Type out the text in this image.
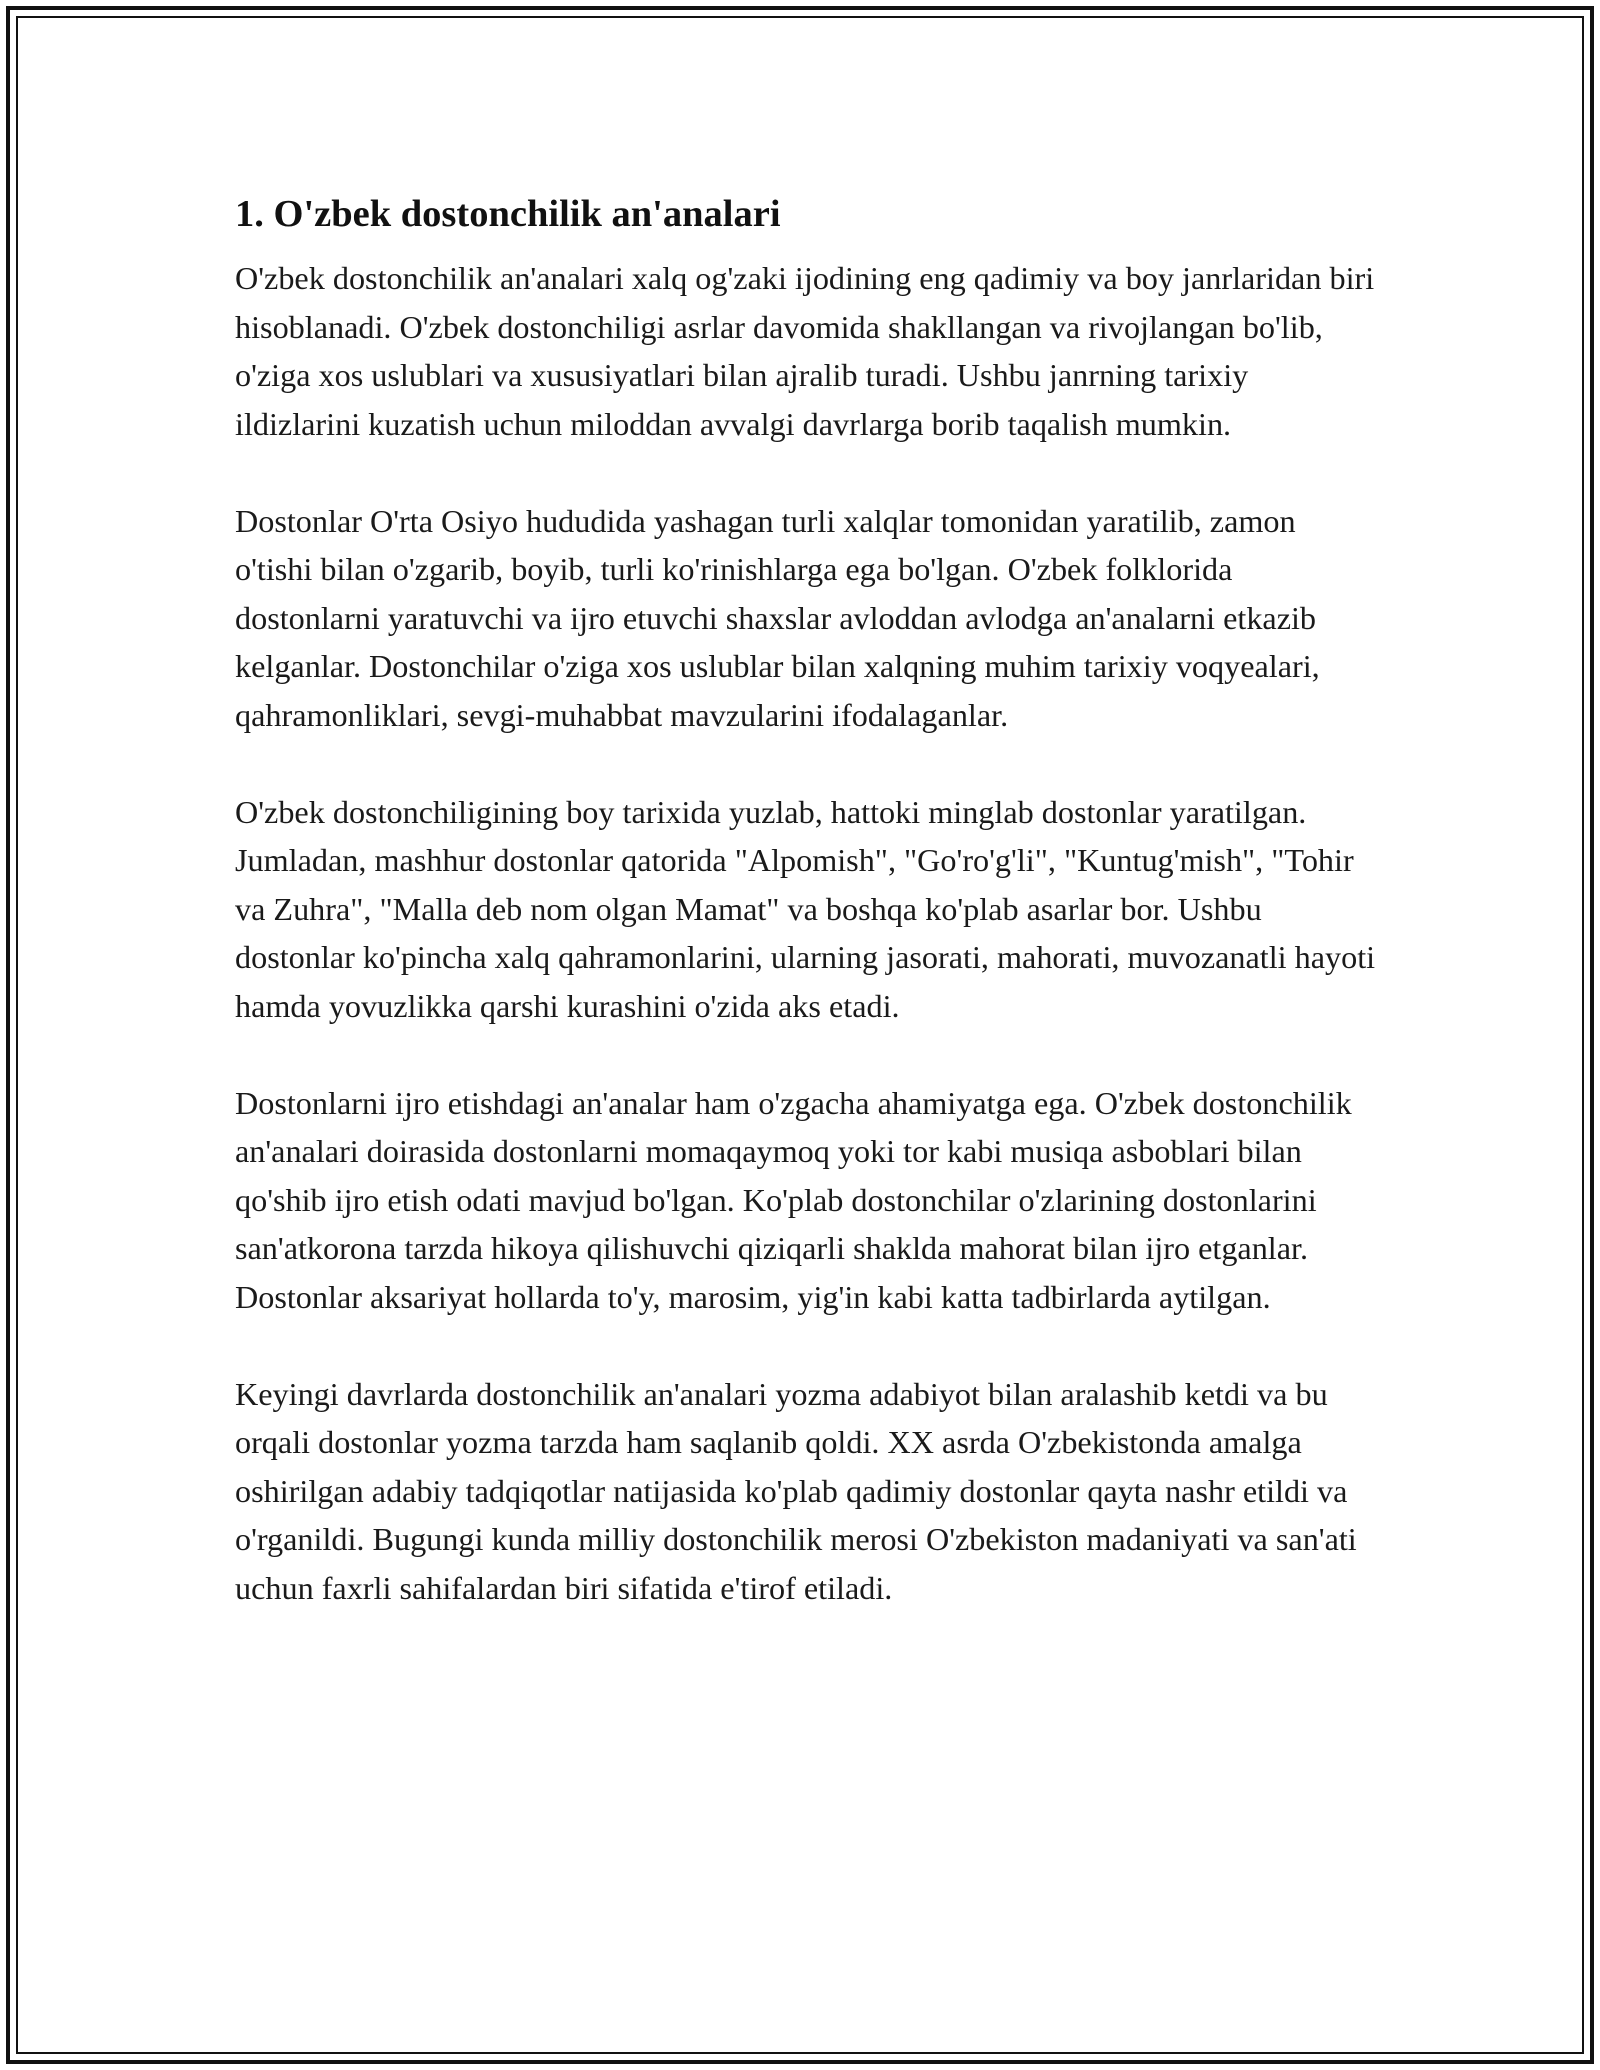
1. O'zbek dostonchilik an'analari

O'zbek dostonchilik an'analari xalq og'zaki ijodining eng qadimiy va boy janrlaridan biri hisoblanadi. O'zbek dostonchiligi asrlar davomida shakllangan va rivojlangan bo'lib, o'ziga xos uslublari va xususiyatlari bilan ajralib turadi. Ushbu janrning tarixiy ildizlarini kuzatish uchun miloddan avvalgi davrlarga borib taqalish mumkin.

Dostonlar O'rta Osiyo hududida yashagan turli xalqlar tomonidan yaratilib, zamon o'tishi bilan o'zgarib, boyib, turli ko'rinishlarga ega bo'lgan. O'zbek folklorida dostonlarni yaratuvchi va ijro etuvchi shaxslar avloddan avlodga an'analarni etkazib kelganlar. Dostonchilar o'ziga xos uslublar bilan xalqning muhim tarixiy voqyealari, qahramonliklari, sevgi-muhabbat mavzularini ifodalaganlar.

O'zbek dostonchiligining boy tarixida yuzlab, hattoki minglab dostonlar yaratilgan. Jumladan, mashhur dostonlar qatorida "Alpomish", "Go'ro'g'li", "Kuntug'mish", "Tohir va Zuhra", "Malla deb nom olgan Mamat" va boshqa ko'plab asarlar bor. Ushbu dostonlar ko'pincha xalq qahramonlarini, ularning jasorati, mahorati, muvozanatli hayoti hamda yovuzlikka qarshi kurashini o'zida aks etadi.

Dostonlarni ijro etishdagi an'analar ham o'zgacha ahamiyatga ega. O'zbek dostonchilik an'analari doirasida dostonlarni momaqaymoq yoki tor kabi musiqa asboblari bilan qo'shib ijro etish odati mavjud bo'lgan. Ko'plab dostonchilar o'zlarining dostonlarini san'atkorona tarzda hikoya qilishuvchi qiziqarli shaklda mahorat bilan ijro etganlar. Dostonlar aksariyat hollarda to'y, marosim, yig'in kabi katta tadbirlarda aytilgan.

Keyingi davrlarda dostonchilik an'analari yozma adabiyot bilan aralashib ketdi va bu orqali dostonlar yozma tarzda ham saqlanib qoldi. XX asrda O'zbekistonda amalga oshirilgan adabiy tadqiqotlar natijasida ko'plab qadimiy dostonlar qayta nashr etildi va o'rganildi. Bugungi kunda milliy dostonchilik merosi O'zbekiston madaniyati va san'ati uchun faxrli sahifalardan biri sifatida e'tirof etiladi.
